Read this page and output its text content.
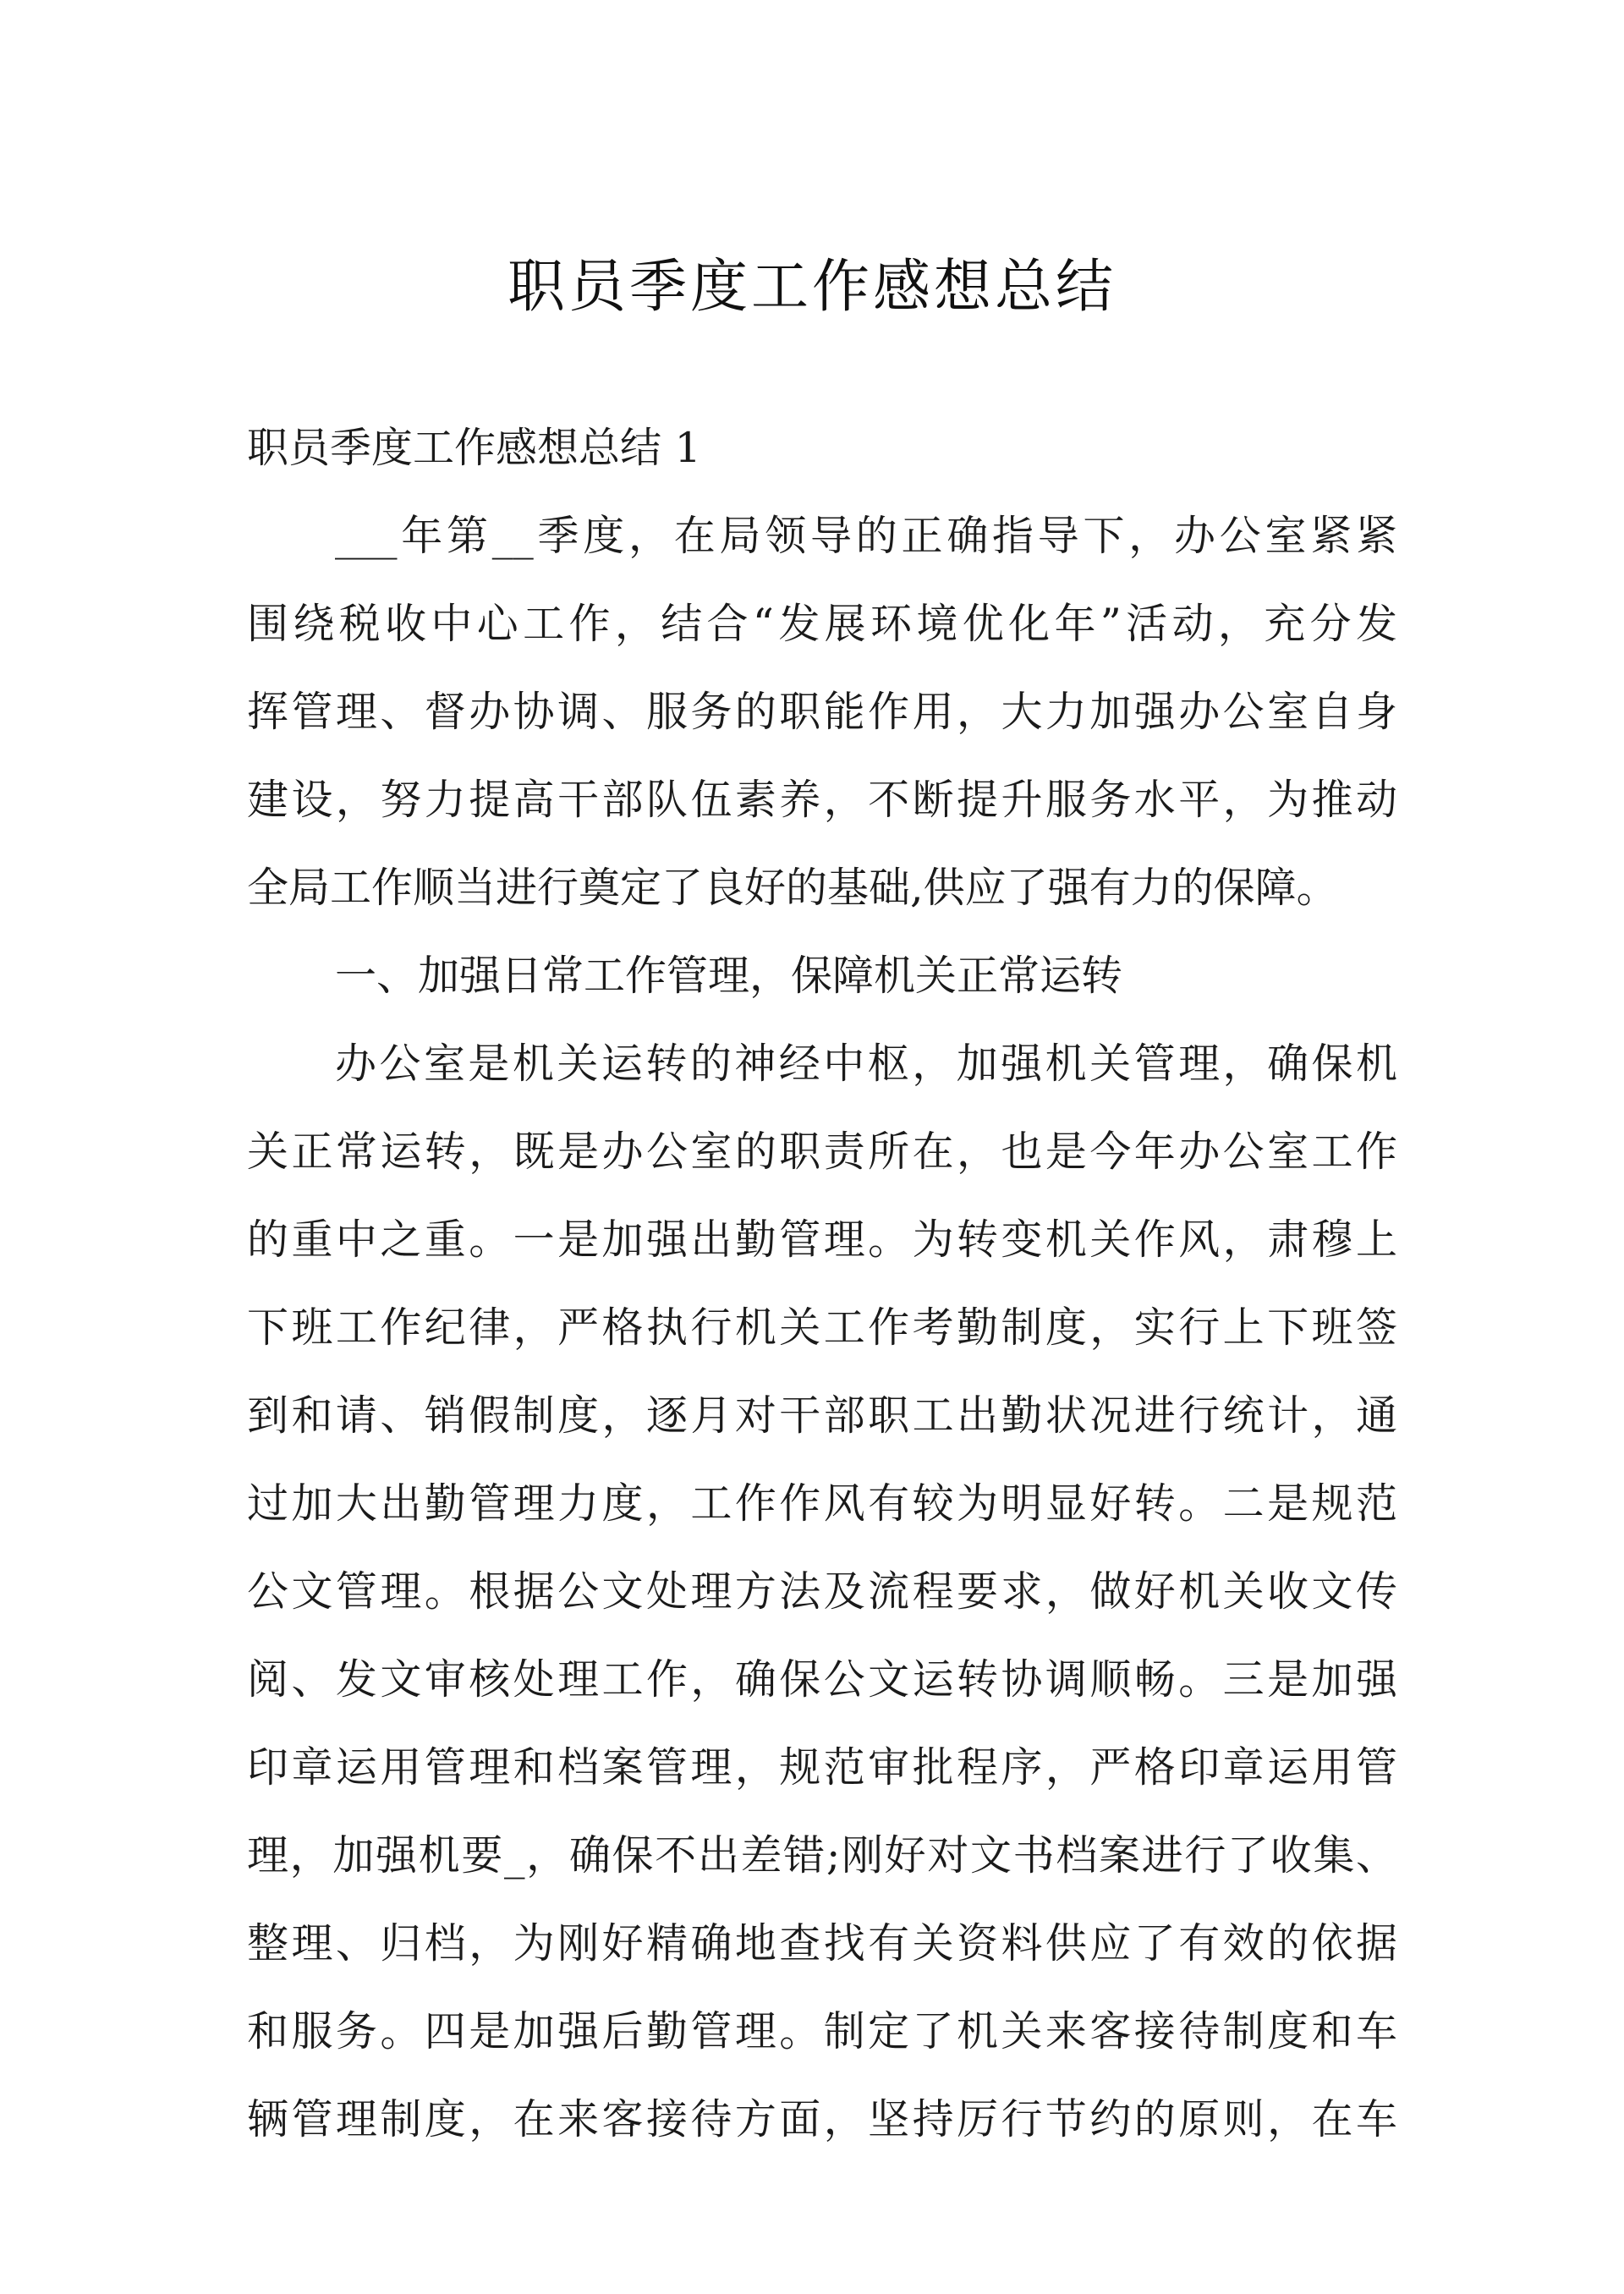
职员季度工作感想总结
职员季度工作感想总结 1
___年第__季度，在局领导的正确指导下，办公室紧紧
围绕税收中心工作，结合“发展环境优化年”活动，充分发
挥管理、督办协调、服务的职能作用，大力加强办公室自身
建设，努力提高干部队伍素养，不断提升服务水平，为推动
全局工作顺当进行奠定了良好的基础,供应了强有力的保障。
一、加强日常工作管理，保障机关正常运转
办公室是机关运转的神经中枢，加强机关管理，确保机
关正常运转，既是办公室的职责所在，也是今年办公室工作
的重中之重。一是加强出勤管理。为转变机关作风，肃穆上
下班工作纪律，严格执行机关工作考勤制度，实行上下班签
到和请、销假制度，逐月对干部职工出勤状况进行统计，通
过加大出勤管理力度，工作作风有较为明显好转。二是规范
公文管理。根据公文处理方法及流程要求，做好机关收文传
阅、发文审核处理工作，确保公文运转协调顺畅。三是加强
印章运用管理和档案管理，规范审批程序，严格印章运用管
理，加强机要_，确保不出差错;刚好对文书档案进行了收集、
整理、归档，为刚好精确地查找有关资料供应了有效的依据
和服务。四是加强后勤管理。制定了机关来客接待制度和车
辆管理制度，在来客接待方面，坚持厉行节约的原则，在车
